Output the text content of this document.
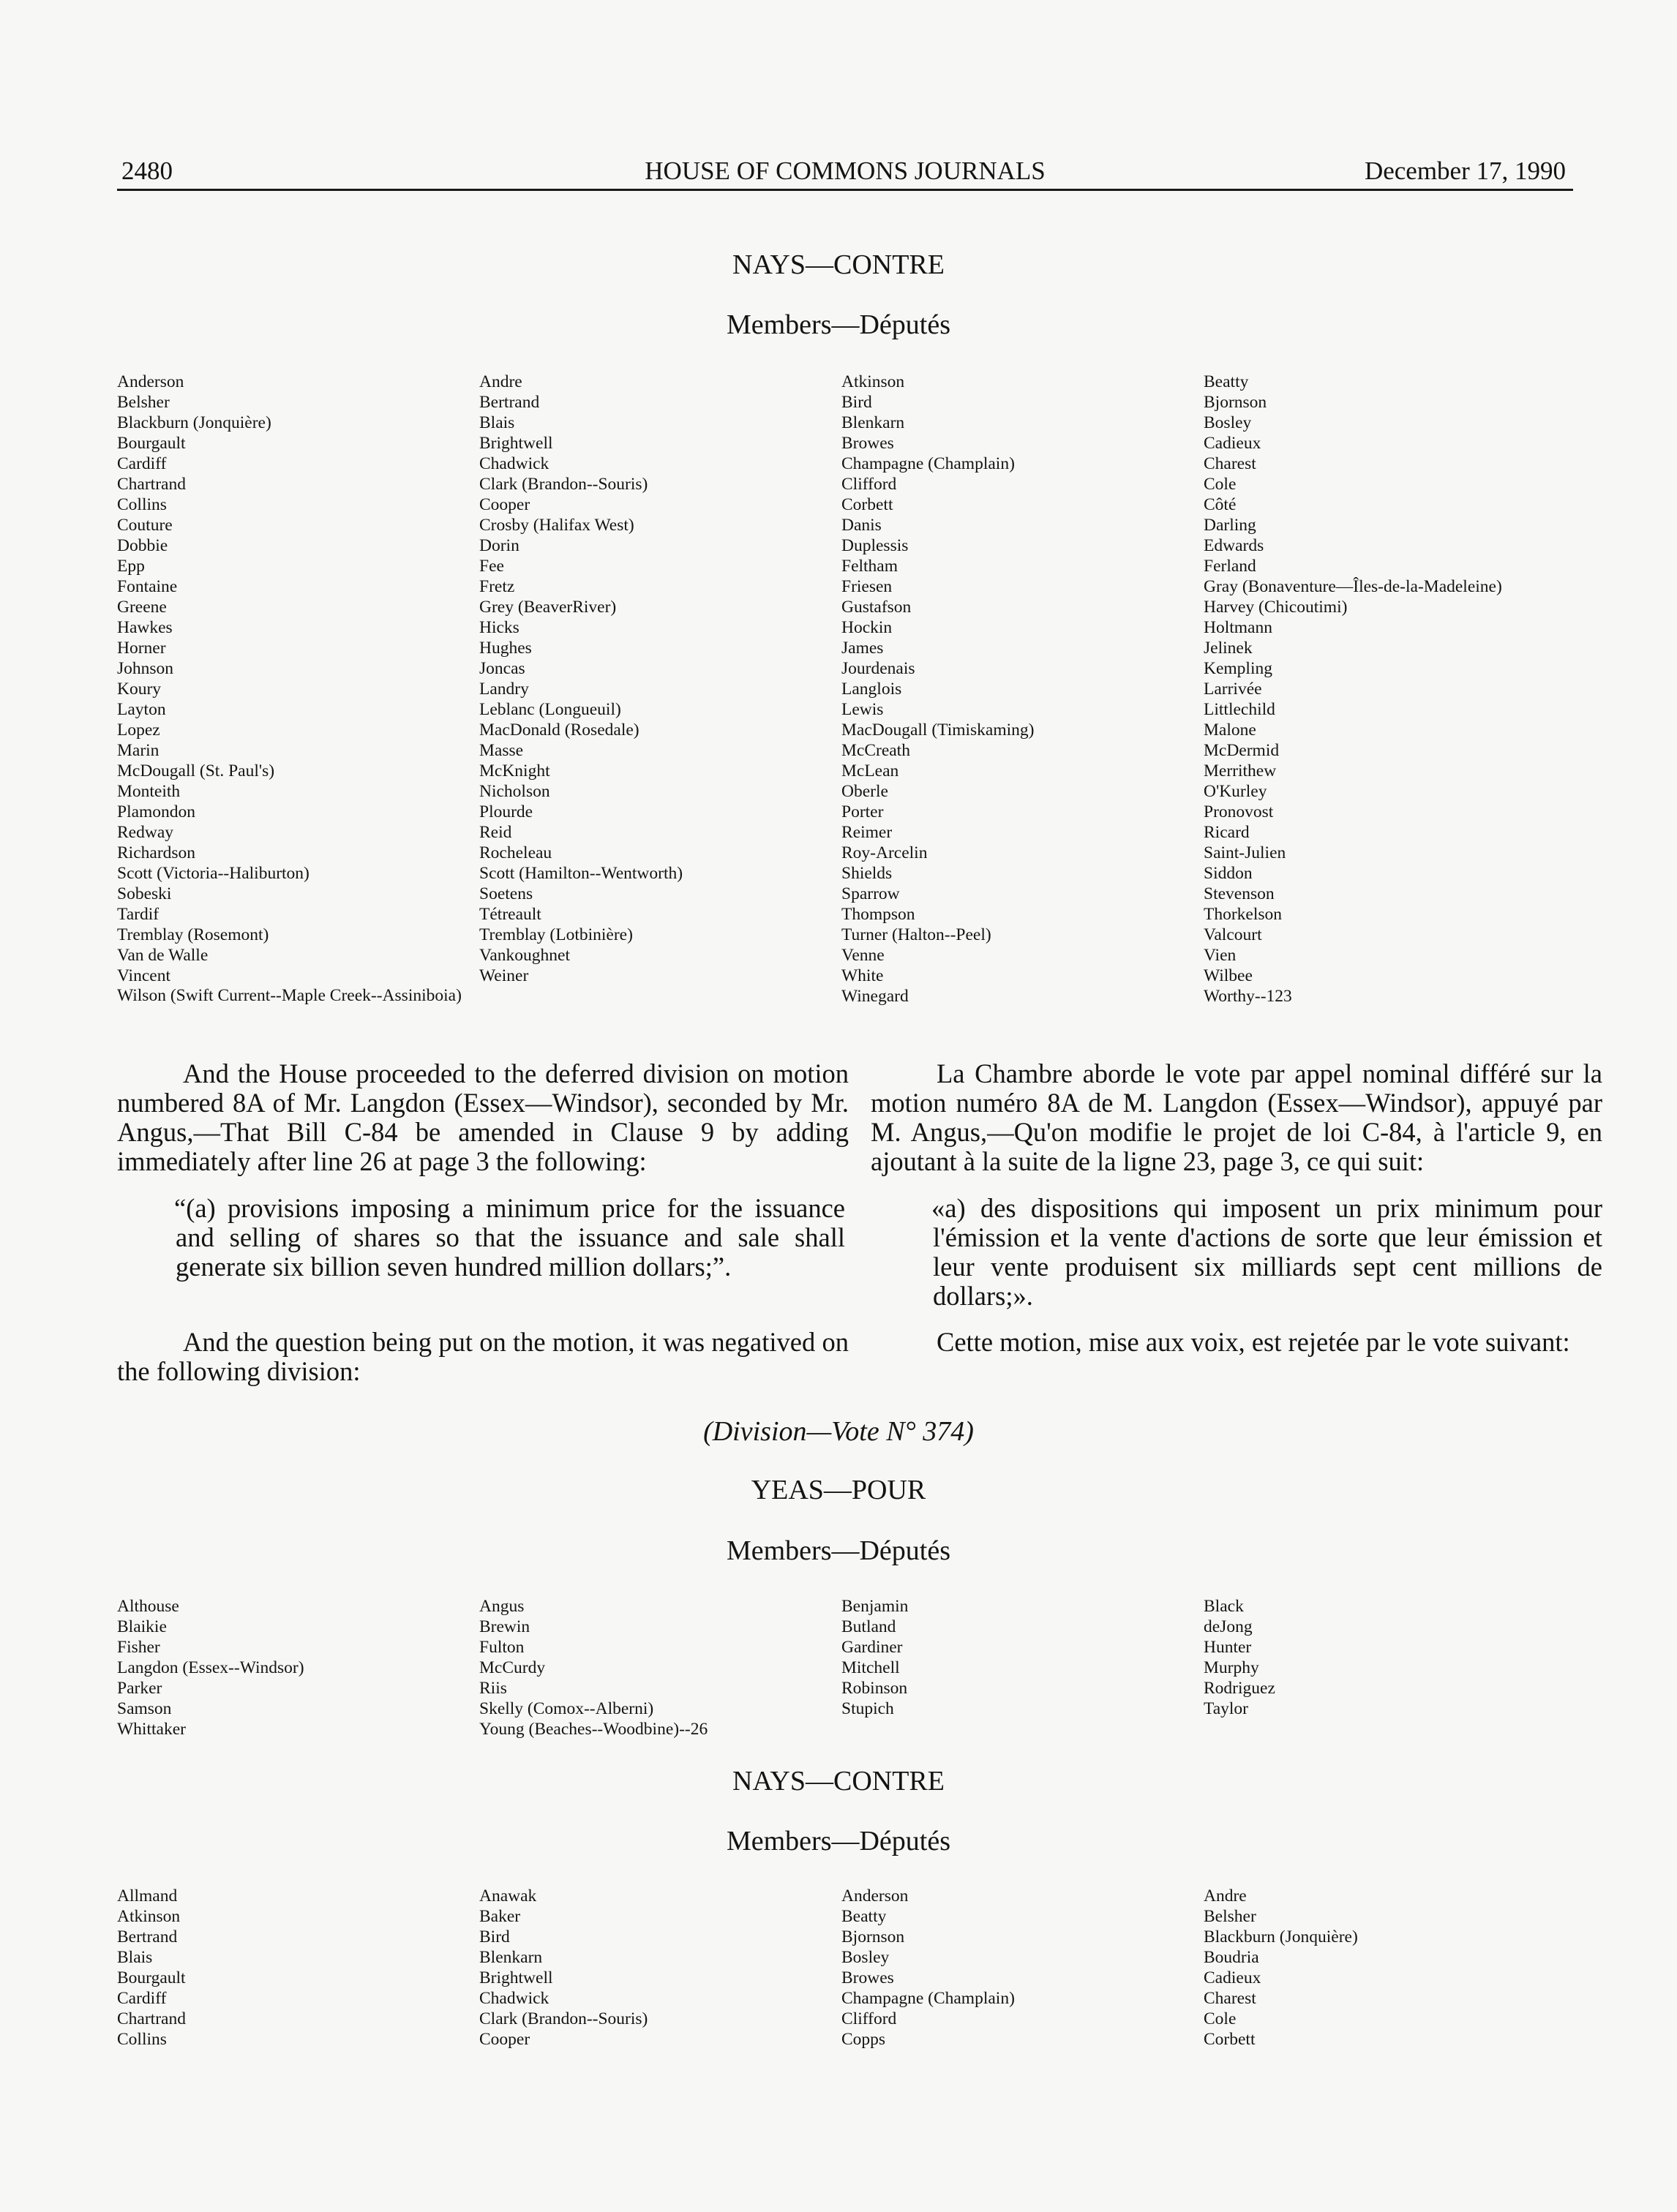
2480	HOUSE OF COMMONS JOURNALS	December 17, 1990
NAYS—CONTRE
Members—Députés
Anderson
Belsher
Blackburn (Jonquière)
Bourgault
Cardiff
Chartrand
Collins
Couture
Dobbie
Epp
Fontaine
Greene
Hawkes
Horner
Johnson
Koury
Layton
Lopez
Marin
McDougall (St. Paul's)
Monteith
Plamondon
Redway
Richardson
Scott (Victoria--Haliburton)
Sobeski
Tardif
Tremblay (Rosemont)
Van de Walle
Vincent
Andre
Bertrand
Blais
Brightwell
Chadwick
Clark (Brandon--Souris)
Cooper
Crosby (Halifax West)
Dorin
Fee
Fretz
Grey (BeaverRiver)
Hicks
Hughes
Joncas
Landry
Leblanc (Longueuil)
MacDonald (Rosedale)
Masse
McKnight
Nicholson
Plourde
Reid
Rocheleau
Scott (Hamilton--Wentworth)
Soetens
Tétreault
Tremblay (Lotbinière)
Vankoughnet
Weiner
Atkinson
Bird
Blenkarn
Browes
Champagne (Champlain)
Clifford
Corbett
Danis
Duplessis
Feltham
Friesen
Gustafson
Hockin
James
Jourdenais
Langlois
Lewis
MacDougall (Timiskaming)
McCreath
McLean
Oberle
Porter
Reimer
Roy-Arcelin
Shields
Sparrow
Thompson
Turner (Halton--Peel)
Venne
White
Winegard
Beatty
Bjornson
Bosley
Cadieux
Charest
Cole
Côté
Darling
Edwards
Ferland
Gray (Bonaventure—Îles-de-la-Madeleine)
Harvey (Chicoutimi)
Holtmann
Jelinek
Kempling
Larrivée
Littlechild
Malone
McDermid
Merrithew
O'Kurley
Pronovost
Ricard
Saint-Julien
Siddon
Stevenson
Thorkelson
Valcourt
Vien
Wilbee
Worthy--123
Wilson (Swift Current--Maple Creek--Assiniboia)
And the House proceeded to the deferred division on motion numbered 8A of Mr. Langdon (Essex—Windsor), seconded by Mr. Angus,—That Bill C-84 be amended in Clause 9 by adding immediately after line 26 at page 3 the following:
“(a) provisions imposing a minimum price for the issuance and selling of shares so that the issuance and sale shall generate six billion seven hundred million dollars;”.
And the question being put on the motion, it was negatived on the following division:
La Chambre aborde le vote par appel nominal différé sur la motion numéro 8A de M. Langdon (Essex—Windsor), appuyé par M. Angus,—Qu'on modifie le projet de loi C-84, à l'article 9, en ajoutant à la suite de la ligne 23, page 3, ce qui suit:
«a) des dispositions qui imposent un prix minimum pour l'émission et la vente d'actions de sorte que leur émission et leur vente produisent six milliards sept cent millions de dollars;».
Cette motion, mise aux voix, est rejetée par le vote suivant:
(Division—Vote N° 374)
YEAS—POUR
Members—Députés
Althouse
Blaikie
Fisher
Langdon (Essex--Windsor)
Parker
Samson
Whittaker
Angus
Brewin
Fulton
McCurdy
Riis
Skelly (Comox--Alberni)
Young (Beaches--Woodbine)--26
Benjamin
Butland
Gardiner
Mitchell
Robinson
Stupich
Black
deJong
Hunter
Murphy
Rodriguez
Taylor
NAYS—CONTRE
Members—Députés
Allmand
Atkinson
Bertrand
Blais
Bourgault
Cardiff
Chartrand
Collins
Anawak
Baker
Bird
Blenkarn
Brightwell
Chadwick
Clark (Brandon--Souris)
Cooper
Anderson
Beatty
Bjornson
Bosley
Browes
Champagne (Champlain)
Clifford
Copps
Andre
Belsher
Blackburn (Jonquière)
Boudria
Cadieux
Charest
Cole
Corbett
